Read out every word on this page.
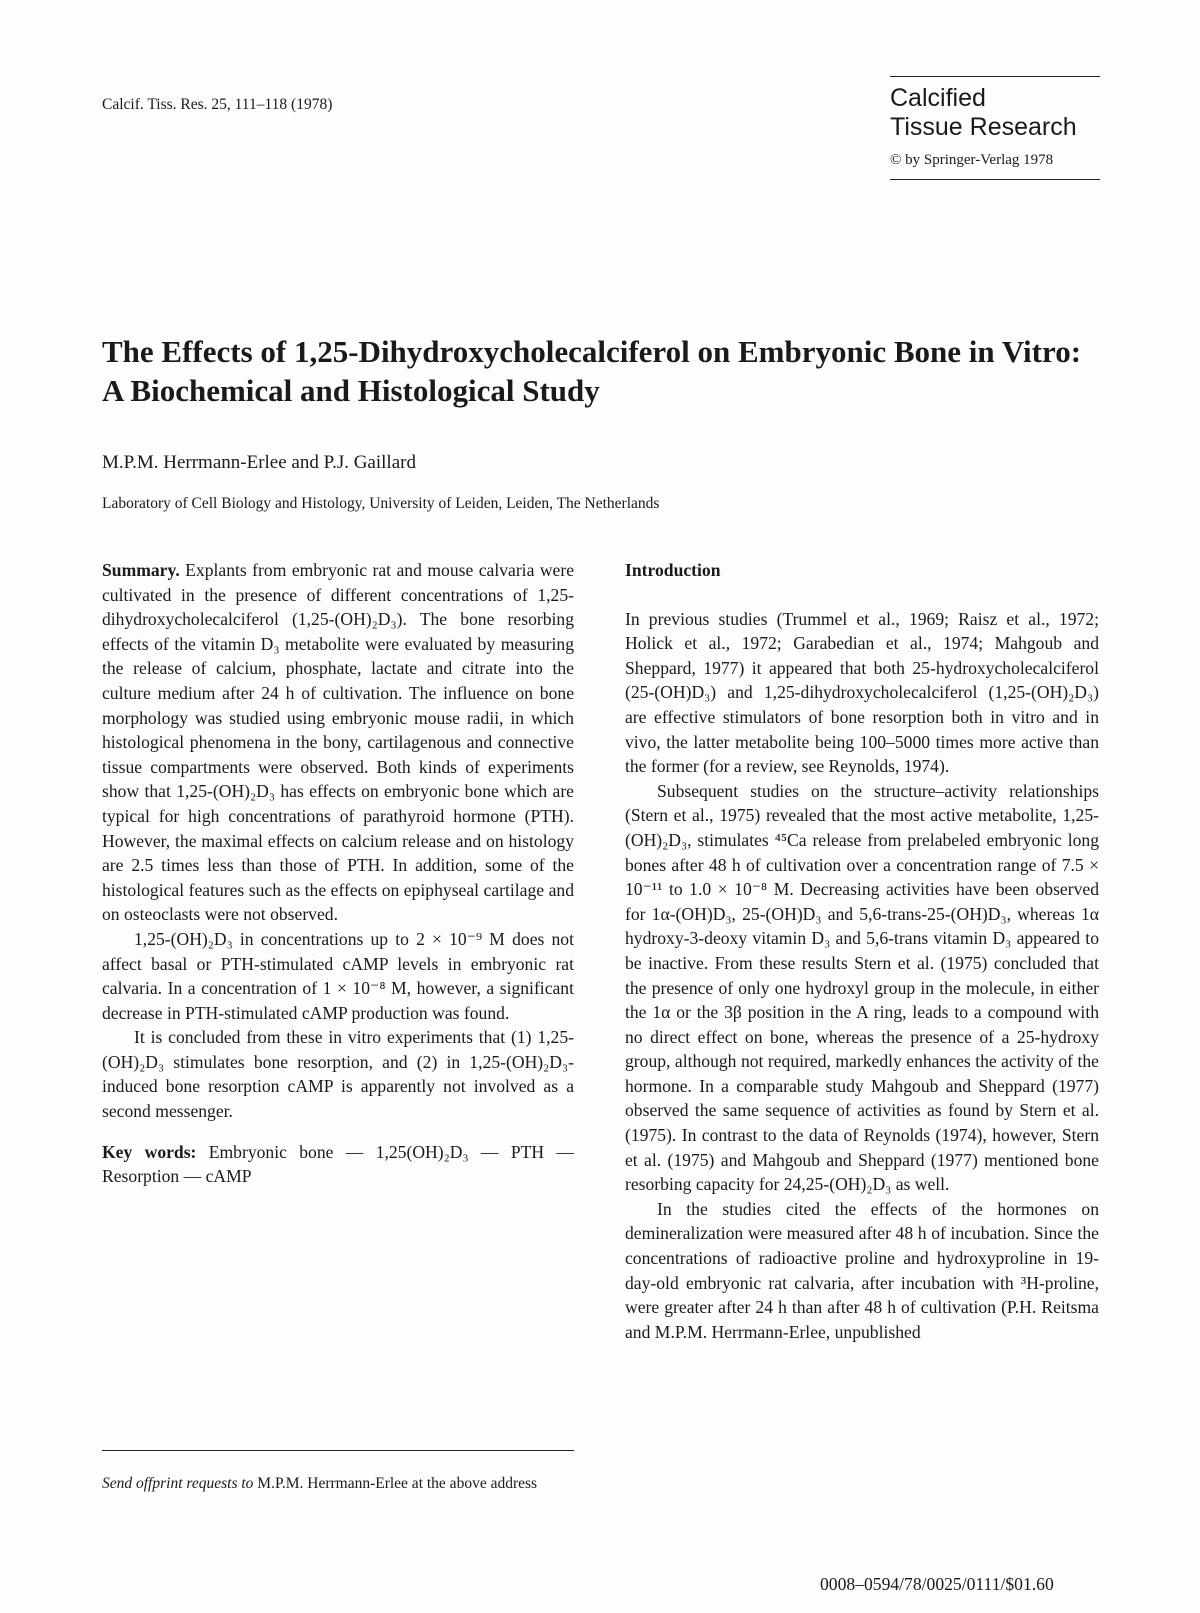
Calcif. Tiss. Res. 25, 111–118 (1978)	Calcified
Tissue Research
© by Springer-Verlag 1978
The Effects of 1,25-Dihydroxycholecalciferol on Embryonic Bone in Vitro: A Biochemical and Histological Study
M.P.M. Herrmann-Erlee and P.J. Gaillard
Laboratory of Cell Biology and Histology, University of Leiden, Leiden, The Netherlands

Summary. Explants from embryonic rat and mouse calvaria were cultivated in the presence of different concentrations of 1,25-dihydroxycholecalciferol (1,25-(OH)₂D₃). The bone resorbing effects of the vitamin D₃ metabolite were evaluated by measuring the release of calcium, phosphate, lactate and citrate into the culture medium after 24 h of cultivation. The influence on bone morphology was studied using embryonic mouse radii, in which histological phenomena in the bony, cartilagenous and connective tissue compartments were observed. Both kinds of experiments show that 1,25-(OH)₂D₃ has effects on embryonic bone which are typical for high concentrations of parathyroid hormone (PTH). However, the maximal effects on calcium release and on histology are 2.5 times less than those of PTH. In addition, some of the histological features such as the effects on epiphyseal cartilage and on osteoclasts were not observed.

1,25-(OH)₂D₃ in concentrations up to 2 × 10⁻⁹ M does not affect basal or PTH-stimulated cAMP levels in embryonic rat calvaria. In a concentration of 1 × 10⁻⁸ M, however, a significant decrease in PTH-stimulated cAMP production was found.

It is concluded from these in vitro experiments that (1) 1,25-(OH)₂D₃ stimulates bone resorption, and (2) in 1,25-(OH)₂D₃-induced bone resorption cAMP is apparently not involved as a second messenger.

Key words: Embryonic bone — 1,25(OH)₂D₃ — PTH — Resorption — cAMP

Send offprint requests to M.P.M. Herrmann-Erlee at the above address

Introduction

In previous studies (Trummel et al., 1969; Raisz et al., 1972; Holick et al., 1972; Garabedian et al., 1974; Mahgoub and Sheppard, 1977) it appeared that both 25-hydroxycholecalciferol (25-(OH)D₃) and 1,25-dihydroxycholecalciferol (1,25-(OH)₂D₃) are effective stimulators of bone resorption both in vitro and in vivo, the latter metabolite being 100–5000 times more active than the former (for a review, see Reynolds, 1974).

Subsequent studies on the structure–activity relationships (Stern et al., 1975) revealed that the most active metabolite, 1,25-(OH)₂D₃, stimulates ⁴⁵Ca release from prelabeled embryonic long bones after 48 h of cultivation over a concentration range of 7.5 × 10⁻¹¹ to 1.0 × 10⁻⁸ M. Decreasing activities have been observed for 1α-(OH)D₃, 25-(OH)D₃ and 5,6-trans-25-(OH)D₃, whereas 1α hydroxy-3-deoxy vitamin D₃ and 5,6-trans vitamin D₃ appeared to be inactive. From these results Stern et al. (1975) concluded that the presence of only one hydroxyl group in the molecule, in either the 1α or the 3β position in the A ring, leads to a compound with no direct effect on bone, whereas the presence of a 25-hydroxy group, although not required, markedly enhances the activity of the hormone. In a comparable study Mahgoub and Sheppard (1977) observed the same sequence of activities as found by Stern et al. (1975). In contrast to the data of Reynolds (1974), however, Stern et al. (1975) and Mahgoub and Sheppard (1977) mentioned bone resorbing capacity for 24,25-(OH)₂D₃ as well.

In the studies cited the effects of the hormones on demineralization were measured after 48 h of incubation. Since the concentrations of radioactive proline and hydroxyproline in 19-day-old embryonic rat calvaria, after incubation with ³H-proline, were greater after 24 h than after 48 h of cultivation (P.H. Reitsma and M.P.M. Herrmann-Erlee, unpublished

0008–0594/78/0025/0111/$01.60
